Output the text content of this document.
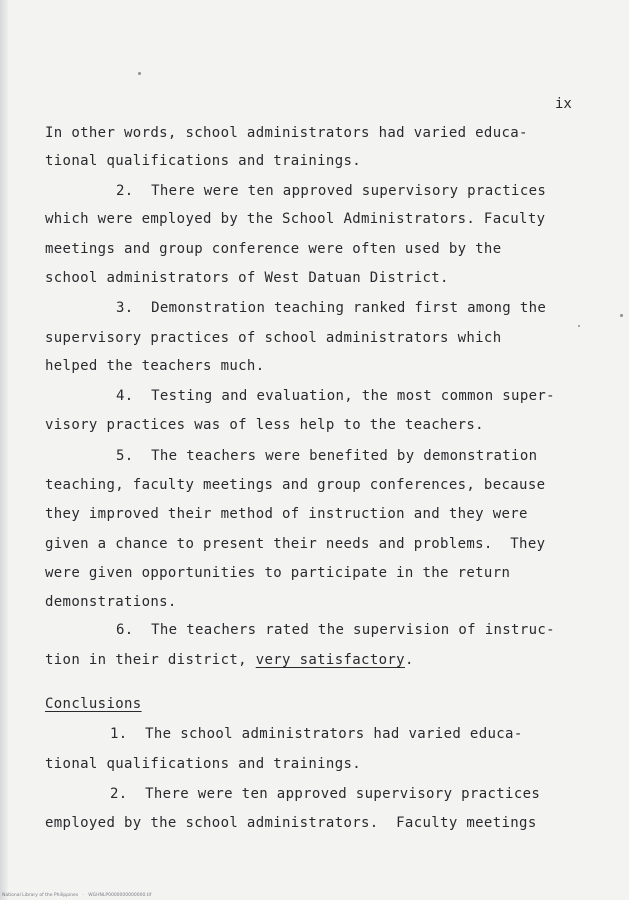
ix
In other words, school administrators had varied educa-
tional qualifications and trainings.
2.  There were ten approved supervisory practices
which were employed by the School Administrators. Faculty
meetings and group conference were often used by the
school administrators of West Datuan District.
3.  Demonstration teaching ranked first among the
supervisory practices of school administrators which
helped the teachers much.
4.  Testing and evaluation, the most common super-
visory practices was of less help to the teachers.
5.  The teachers were benefited by demonstration
teaching, faculty meetings and group conferences, because
they improved their method of instruction and they were
given a chance to present their needs and problems.  They
were given opportunities to participate in the return
demonstrations.
6.  The teachers rated the supervision of instruc-
tion in their district, very satisfactory.
Conclusions
1.  The school administrators had varied educa-
tional qualifications and trainings.
2.  There were ten approved supervisory practices
employed by the school administrators.  Faculty meetings
National Library of the Philippines   ·   WGHNLP0000000000000.tif
